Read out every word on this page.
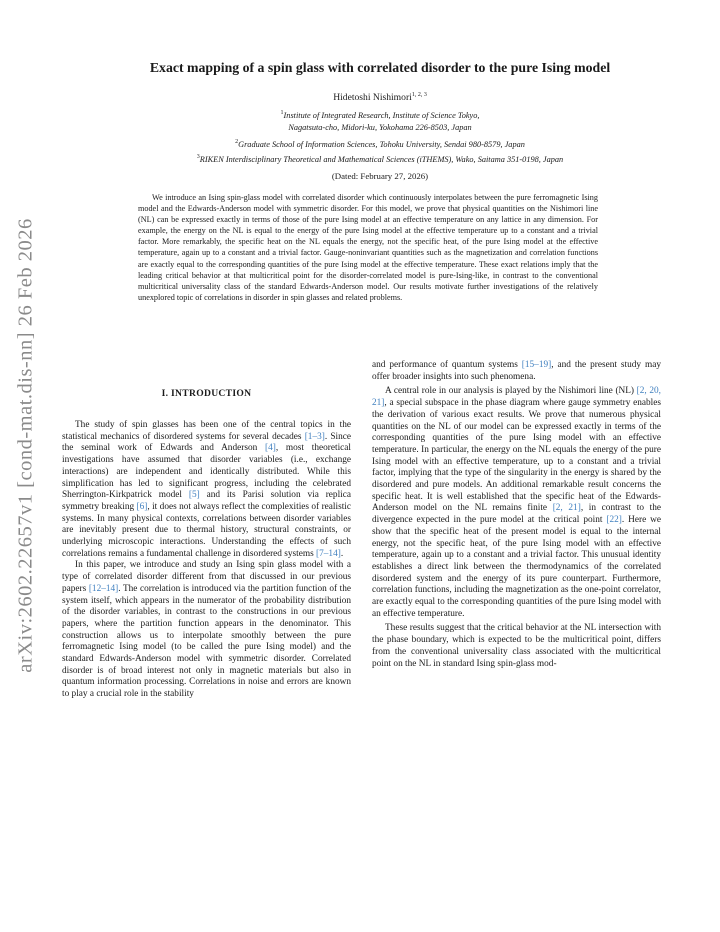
arXiv:2602.22657v1 [cond-mat.dis-nn] 26 Feb 2026
Exact mapping of a spin glass with correlated disorder to the pure Ising model
Hidetoshi Nishimori$^{1, 2, 3}$
$^1$Institute of Integrated Research, Institute of Science Tokyo,
Nagatsuta-cho, Midori-ku, Yokohama 226-8503, Japan
$^2$Graduate School of Information Sciences, Tohoku University, Sendai 980-8579, Japan
$^3$RIKEN Interdisciplinary Theoretical and Mathematical Sciences (iTHEMS), Wako, Saitama 351-0198, Japan
(Dated: February 27, 2026)

We introduce an Ising spin-glass model with correlated disorder which continuously interpolates between the pure ferromagnetic Ising model and the Edwards-Anderson model with symmetric disorder. For this model, we prove that physical quantities on the Nishimori line (NL) can be expressed exactly in terms of those of the pure Ising model at an effective temperature on any lattice in any dimension. For example, the energy on the NL is equal to the energy of the pure Ising model at the effective temperature up to a constant and a trivial factor. More remarkably, the specific heat on the NL equals the energy, not the specific heat, of the pure Ising model at the effective temperature, again up to a constant and a trivial factor. Gauge-noninvariant quantities such as the magnetization and correlation functions are exactly equal to the corresponding quantities of the pure Ising model at the effective temperature. These exact relations imply that the leading critical behavior at that multicritical point for the disorder-correlated model is pure-Ising-like, in contrast to the conventional multicritical universality class of the standard Edwards-Anderson model. Our results motivate further investigations of the relatively unexplored topic of correlations in disorder in spin glasses and related problems.

I. INTRODUCTION

The study of spin glasses has been one of the central topics in the statistical mechanics of disordered systems for several decades [1–3]. Since the seminal work of Edwards and Anderson [4], most theoretical investigations have assumed that disorder variables (i.e., exchange interactions) are independent and identically distributed. While this simplification has led to significant progress, including the celebrated Sherrington-Kirkpatrick model [5] and its Parisi solution via replica symmetry breaking [6], it does not always reflect the complexities of realistic systems. In many physical contexts, correlations between disorder variables are inevitably present due to thermal history, structural constraints, or underlying microscopic interactions. Understanding the effects of such correlations remains a fundamental challenge in disordered systems [7–14].

In this paper, we introduce and study an Ising spin glass model with a type of correlated disorder different from that discussed in our previous papers [12–14]. The correlation is introduced via the partition function of the system itself, which appears in the numerator of the probability distribution of the disorder variables, in contrast to the constructions in our previous papers, where the partition function appears in the denominator. This construction allows us to interpolate smoothly between the pure ferromagnetic Ising model (to be called the pure Ising model) and the standard Edwards-Anderson model with symmetric disorder. Correlated disorder is of broad interest not only in magnetic materials but also in quantum information processing. Correlations in noise and errors are known to play a crucial role in the stability

and performance of quantum systems [15–19], and the present study may offer broader insights into such phenomena.

A central role in our analysis is played by the Nishimori line (NL) [2, 20, 21], a special subspace in the phase diagram where gauge symmetry enables the derivation of various exact results. We prove that numerous physical quantities on the NL of our model can be expressed exactly in terms of the corresponding quantities of the pure Ising model with an effective temperature. In particular, the energy on the NL equals the energy of the pure Ising model with an effective temperature, up to a constant and a trivial factor, implying that the type of the singularity in the energy is shared by the disordered and pure models. An additional remarkable result concerns the specific heat. It is well established that the specific heat of the Edwards-Anderson model on the NL remains finite [2, 21], in contrast to the divergence expected in the pure model at the critical point [22]. Here we show that the specific heat of the present model is equal to the internal energy, not the specific heat, of the pure Ising model with an effective temperature, again up to a constant and a trivial factor. This unusual identity establishes a direct link between the thermodynamics of the correlated disordered system and the energy of its pure counterpart. Furthermore, correlation functions, including the magnetization as the one-point correlator, are exactly equal to the corresponding quantities of the pure Ising model with an effective temperature.

These results suggest that the critical behavior at the NL intersection with the phase boundary, which is expected to be the multicritical point, differs from the conventional universality class associated with the multicritical point on the NL in standard Ising spin-glass mod-
